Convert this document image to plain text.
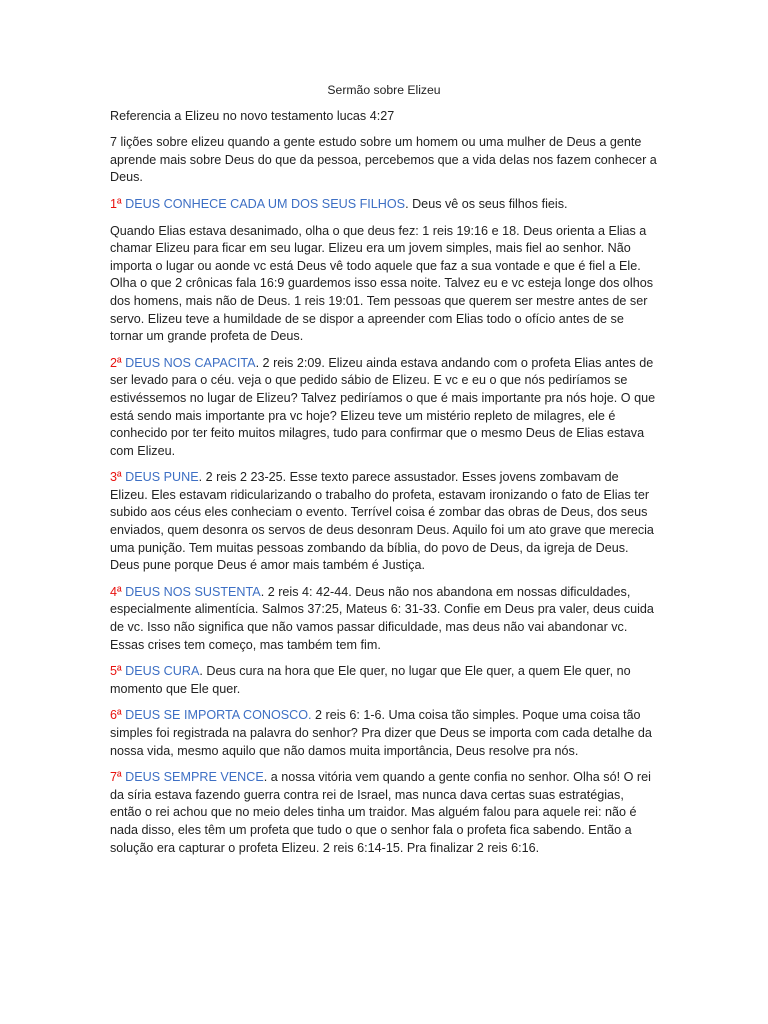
Sermão sobre Elizeu

Referencia a Elizeu no novo testamento lucas 4:27

7 lições sobre elizeu quando a gente estudo sobre um homem ou uma mulher de Deus a gente aprende mais sobre Deus do que da pessoa, percebemos que a vida delas nos fazem conhecer a Deus.

1ª DEUS CONHECE CADA UM DOS SEUS FILHOS. Deus vê os seus filhos fieis.

Quando Elias estava desanimado, olha o que deus fez: 1 reis 19:16 e 18. Deus orienta a Elias a chamar Elizeu para ficar em seu lugar. Elizeu era um jovem simples, mais fiel ao senhor. Não importa o lugar ou aonde vc está Deus vê todo aquele que faz a sua vontade e que é fiel a Ele. Olha o que 2 crônicas fala 16:9 guardemos isso essa noite. Talvez eu e vc esteja longe dos olhos dos homens, mais não de Deus. 1 reis 19:01. Tem pessoas que querem ser mestre antes de ser servo. Elizeu teve a humildade de se dispor a apreender com Elias todo o ofício antes de se tornar um grande profeta de Deus.

2ª DEUS NOS CAPACITA. 2 reis 2:09. Elizeu ainda estava andando com o profeta Elias antes de ser levado para o céu. veja o que pedido sábio de Elizeu. E vc e eu o que nós pediríamos se estivéssemos no lugar de Elizeu? Talvez pediríamos o que é mais importante pra nós hoje. O que está sendo mais importante pra vc hoje? Elizeu teve um mistério repleto de milagres, ele é conhecido por ter feito muitos milagres, tudo para confirmar que o mesmo Deus de Elias estava com Elizeu.

3ª DEUS PUNE. 2 reis 2 23-25. Esse texto parece assustador. Esses jovens zombavam de Elizeu. Eles estavam ridicularizando o trabalho do profeta, estavam ironizando o fato de Elias ter subido aos céus eles conheciam o evento. Terrível coisa é zombar das obras de Deus, dos seus enviados, quem desonra os servos de deus desonram Deus. Aquilo foi um ato grave que merecia uma punição. Tem muitas pessoas zombando da bíblia, do povo de Deus, da igreja de Deus. Deus pune porque Deus é amor mais também é Justiça.

4ª DEUS NOS SUSTENTA. 2 reis 4: 42-44. Deus não nos abandona em nossas dificuldades, especialmente alimentícia. Salmos 37:25, Mateus 6: 31-33. Confie em Deus pra valer, deus cuida de vc. Isso não significa que não vamos passar dificuldade, mas deus não vai abandonar vc. Essas crises tem começo, mas também tem fim.

5ª DEUS CURA. Deus cura na hora que Ele quer, no lugar que Ele quer, a quem Ele quer, no momento que Ele quer.

6ª DEUS SE IMPORTA CONOSCO. 2 reis 6: 1-6. Uma coisa tão simples. Poque uma coisa tão simples foi registrada na palavra do senhor? Pra dizer que Deus se importa com cada detalhe da nossa vida, mesmo aquilo que não damos muita importância, Deus resolve pra nós.

7ª DEUS SEMPRE VENCE. a nossa vitória vem quando a gente confia no senhor. Olha só! O rei da síria estava fazendo guerra contra rei de Israel, mas nunca dava certas suas estratégias, então o rei achou que no meio deles tinha um traidor. Mas alguém falou para aquele rei: não é nada disso, eles têm um profeta que tudo o que o senhor fala o profeta fica sabendo. Então a solução era capturar o profeta Elizeu. 2 reis 6:14-15. Pra finalizar 2 reis 6:16.
